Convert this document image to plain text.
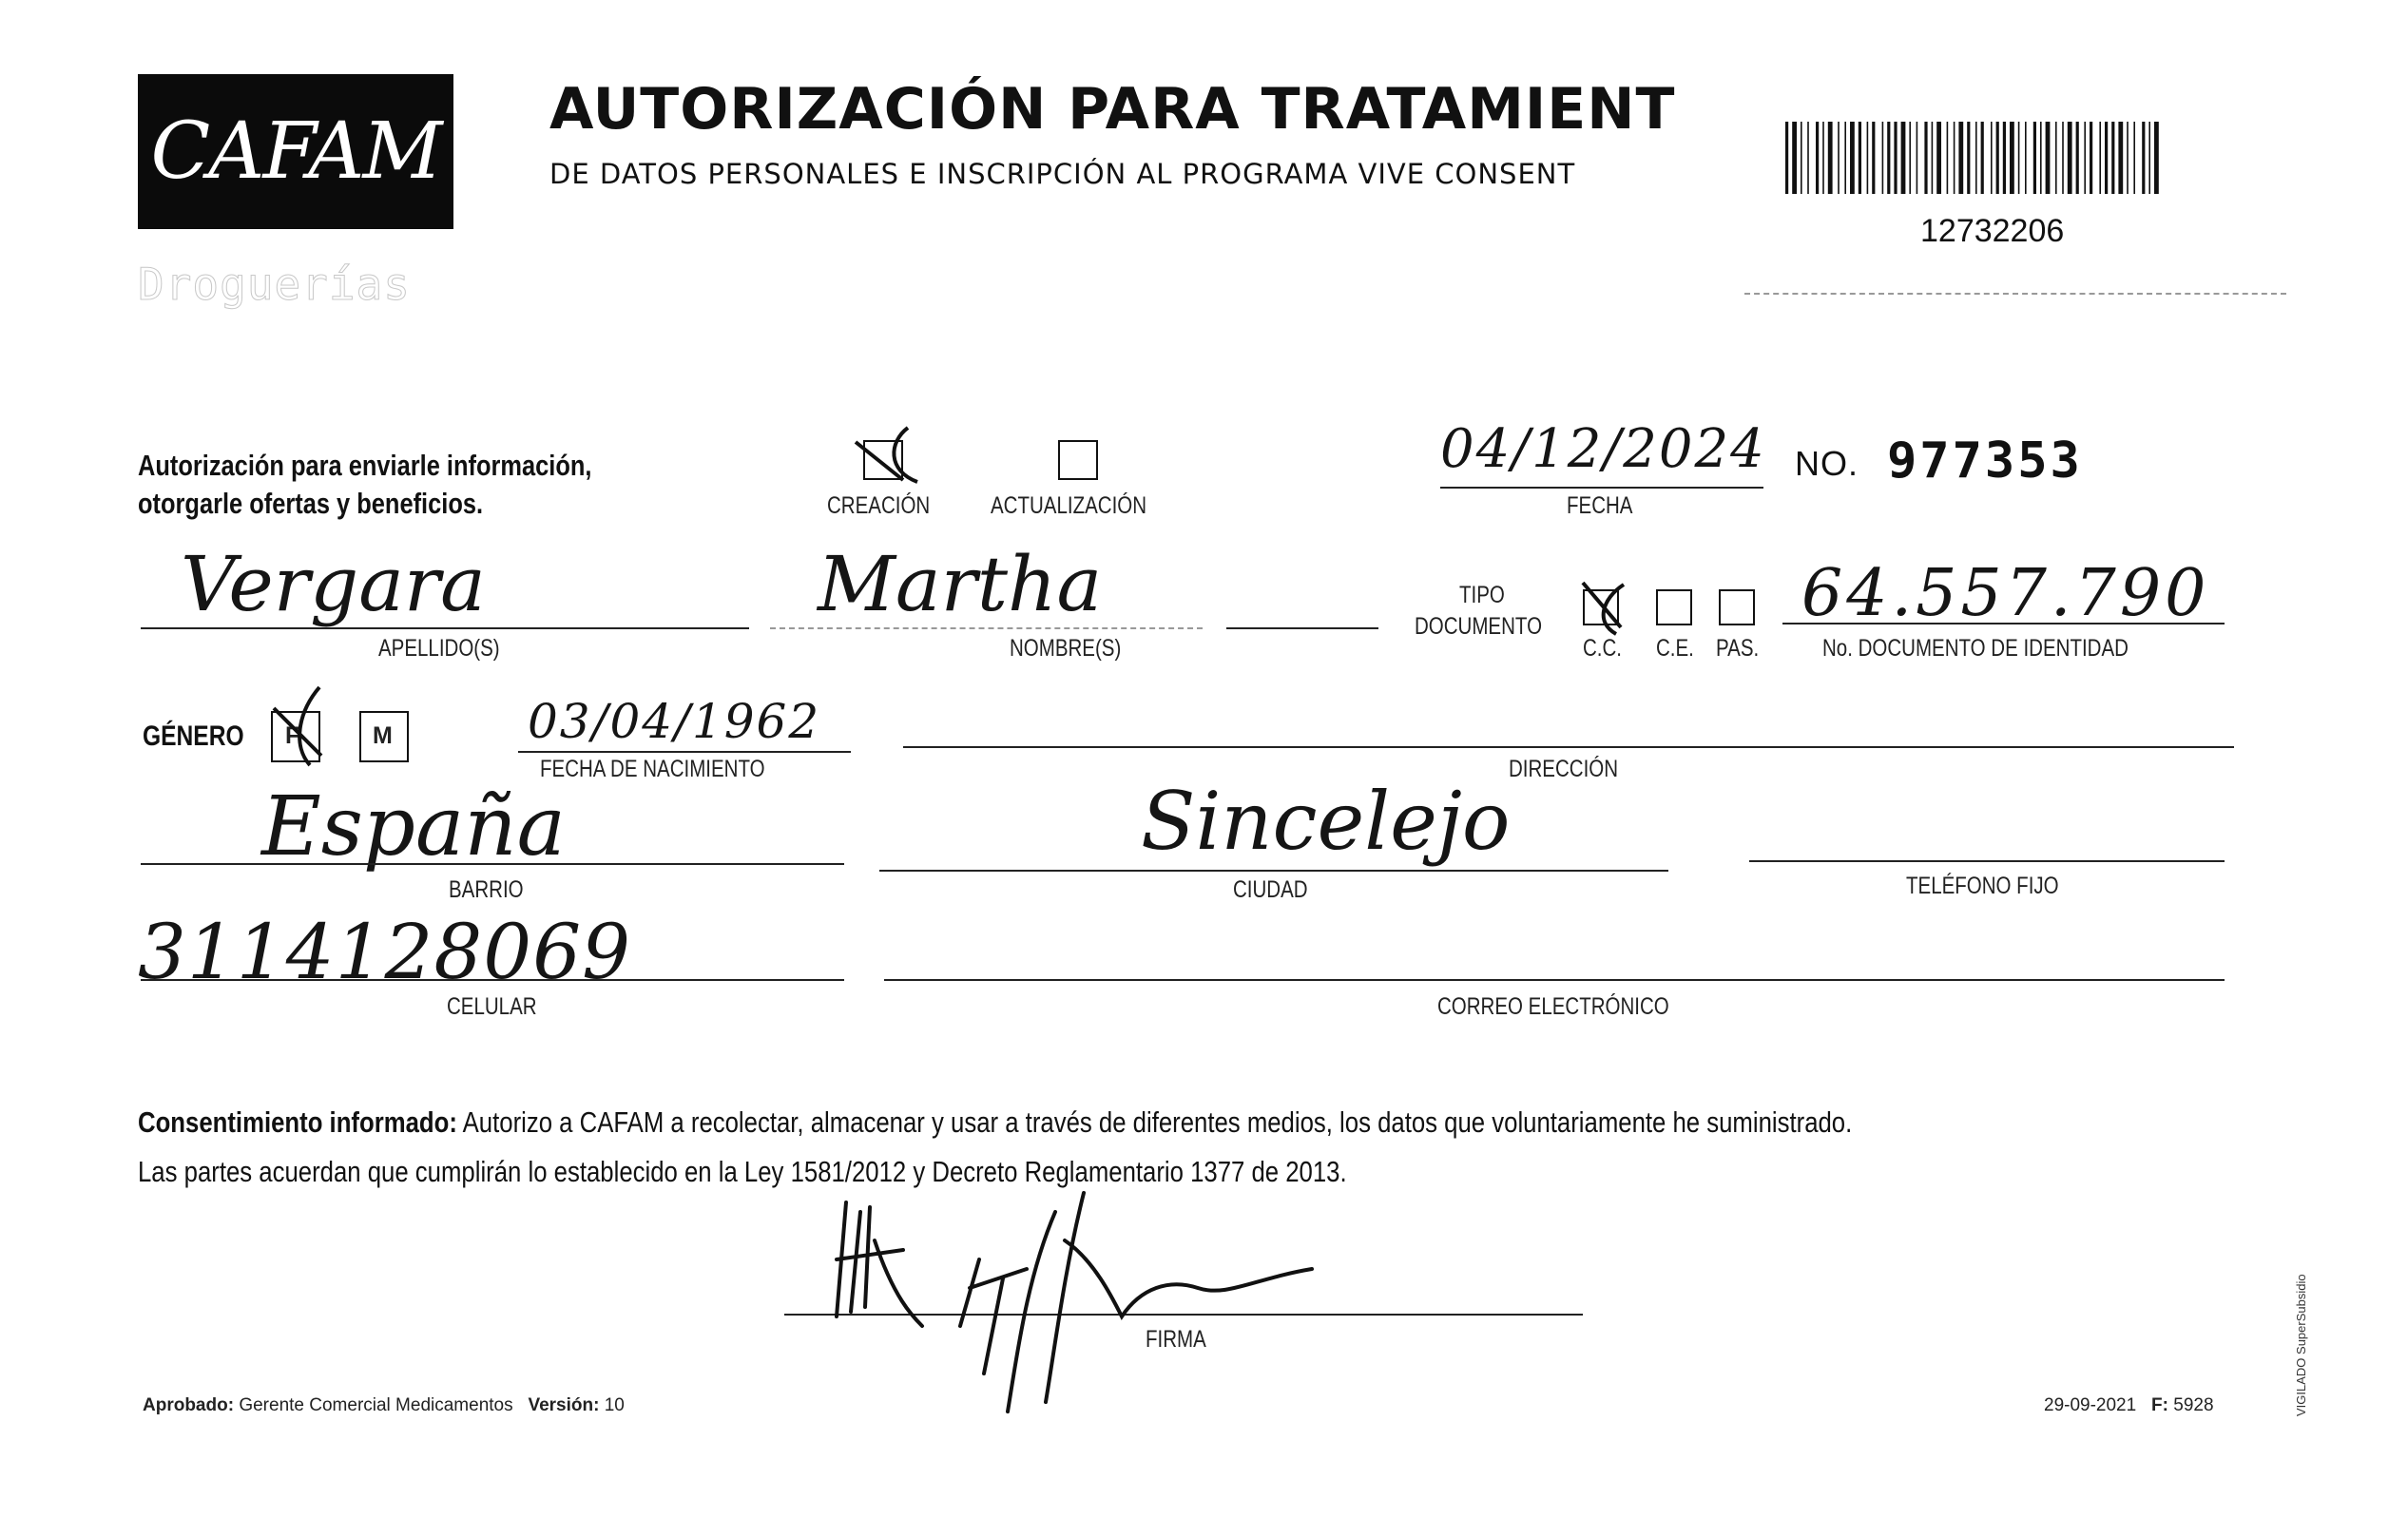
CAFAM
Droguerías
AUTORIZACIÓN PARA TRATAMIENT
DE DATOS PERSONALES E INSCRIPCIÓN AL PROGRAMA VIVE CONSENT
12732206
Autorización para enviarle información,
otorgarle ofertas y beneficios.	CREACIÓN	ACTUALIZACIÓN
04/12/2024
FECHA
NO. 977353
Vergara
APELLIDO(S)
Martha
NOMBRE(S)
TIPO
DOCUMENTO
C.C. C.E. PAS.
64.557.790
No. DOCUMENTO DE IDENTIDAD
GÉNERO F	M	03/04/1962
FECHA DE NACIMIENTO	DIRECCIÓN
España
BARRIO
Sincelejo
CIUDAD	TELÉFONO FIJO
3114128069
CELULAR	CORREO ELECTRÓNICO
Consentimiento informado: Autorizo a CAFAM a recolectar, almacenar y usar a través de diferentes medios, los datos que voluntariamente he suministrado.
Las partes acuerdan que cumplirán lo establecido en la Ley 1581/2012 y Decreto Reglamentario 1377 de 2013.
FIRMA
Aprobado: Gerente Comercial Medicamentos Versión: 10	29-09-2021 F: 5928	VIGILADO SuperSubsidio
